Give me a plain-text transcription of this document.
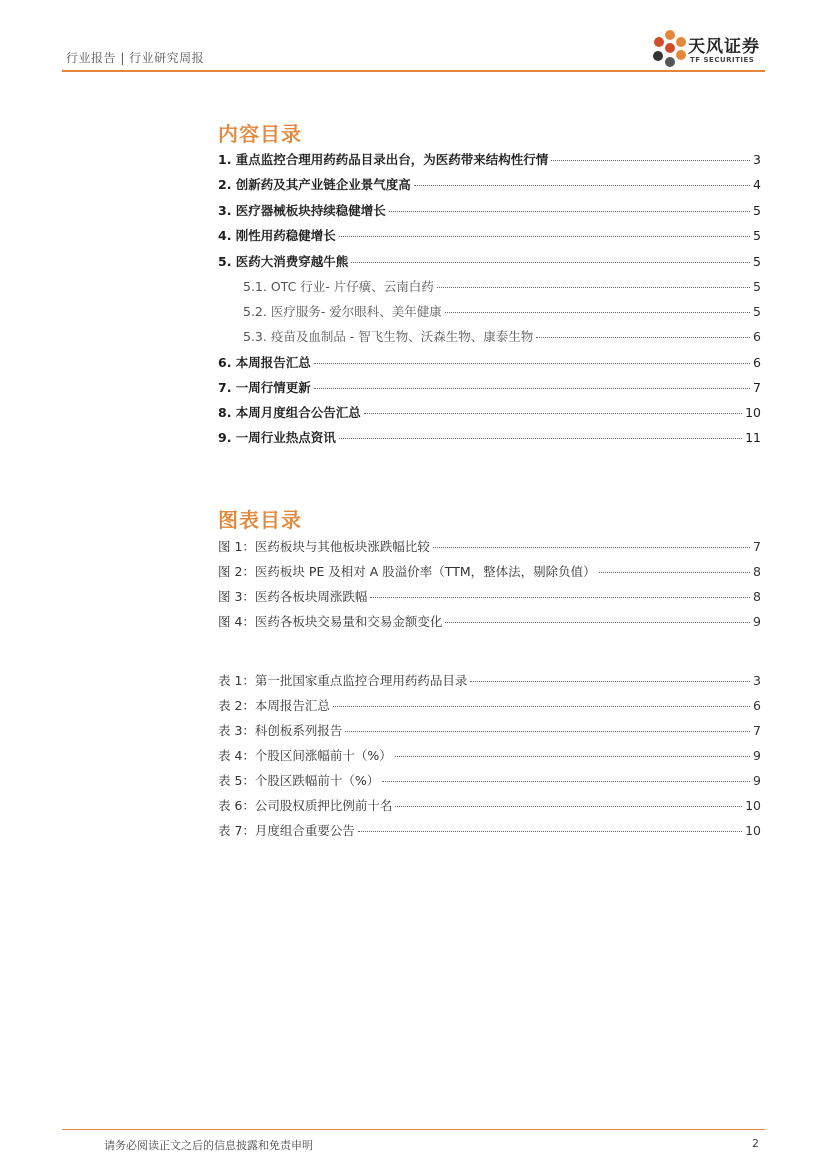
行业报告 | 行业研究周报
天风证券
TF SECURITIES
内容目录
1. 重点监控合理用药药品目录出台，为医药带来结构性行情	3
2. 创新药及其产业链企业景气度高	4
3. 医疗器械板块持续稳健增长	5
4. 刚性用药稳健增长	5
5. 医药大消费穿越牛熊	5
5.1. OTC 行业- 片仔癀、云南白药	5
5.2. 医疗服务- 爱尔眼科、美年健康	5
5.3. 疫苗及血制品 - 智飞生物、沃森生物、康泰生物	6
6. 本周报告汇总	6
7. 一周行情更新	7
8. 本周月度组合公告汇总	10
9. 一周行业热点资讯	11
图表目录
图 1：医药板块与其他板块涨跌幅比较	7
图 2：医药板块 PE 及相对 A 股溢价率（TTM，整体法，剔除负值）	8
图 3：医药各板块周涨跌幅	8
图 4：医药各板块交易量和交易金额变化	9
表 1：第一批国家重点监控合理用药药品目录	3
表 2：本周报告汇总	6
表 3：科创板系列报告	7
表 4：个股区间涨幅前十（%）	9
表 5：个股区跌幅前十（%）	9
表 6：公司股权质押比例前十名	10
表 7：月度组合重要公告	10
请务必阅读正文之后的信息披露和免责申明	2
